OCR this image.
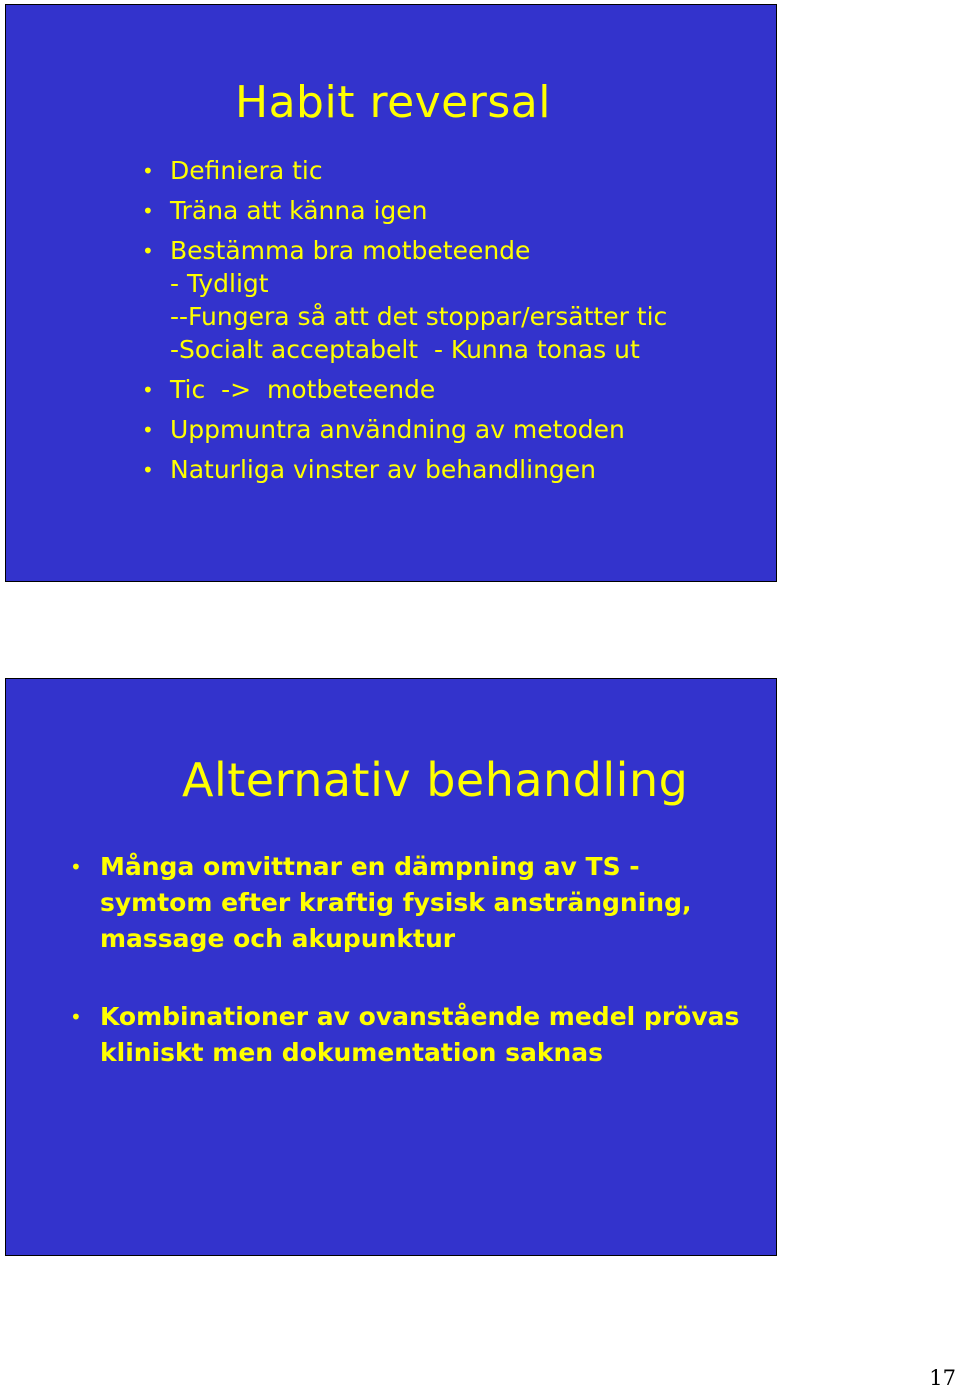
Habit reversal
• Definiera tic
• Träna att känna igen
• Bestämma bra motbeteende
- Tydligt
--Fungera så att det stoppar/ersätter tic
-Socialt acceptabelt  - Kunna tonas ut
• Tic  ->  motbeteende
• Uppmuntra användning av metoden
• Naturliga vinster av behandlingen
Alternativ behandling
• Många omvittnar en dämpning av TS - symtom efter kraftig fysisk ansträngning, massage och akupunktur
• Kombinationer av ovanstående medel prövas kliniskt men dokumentation saknas
17
